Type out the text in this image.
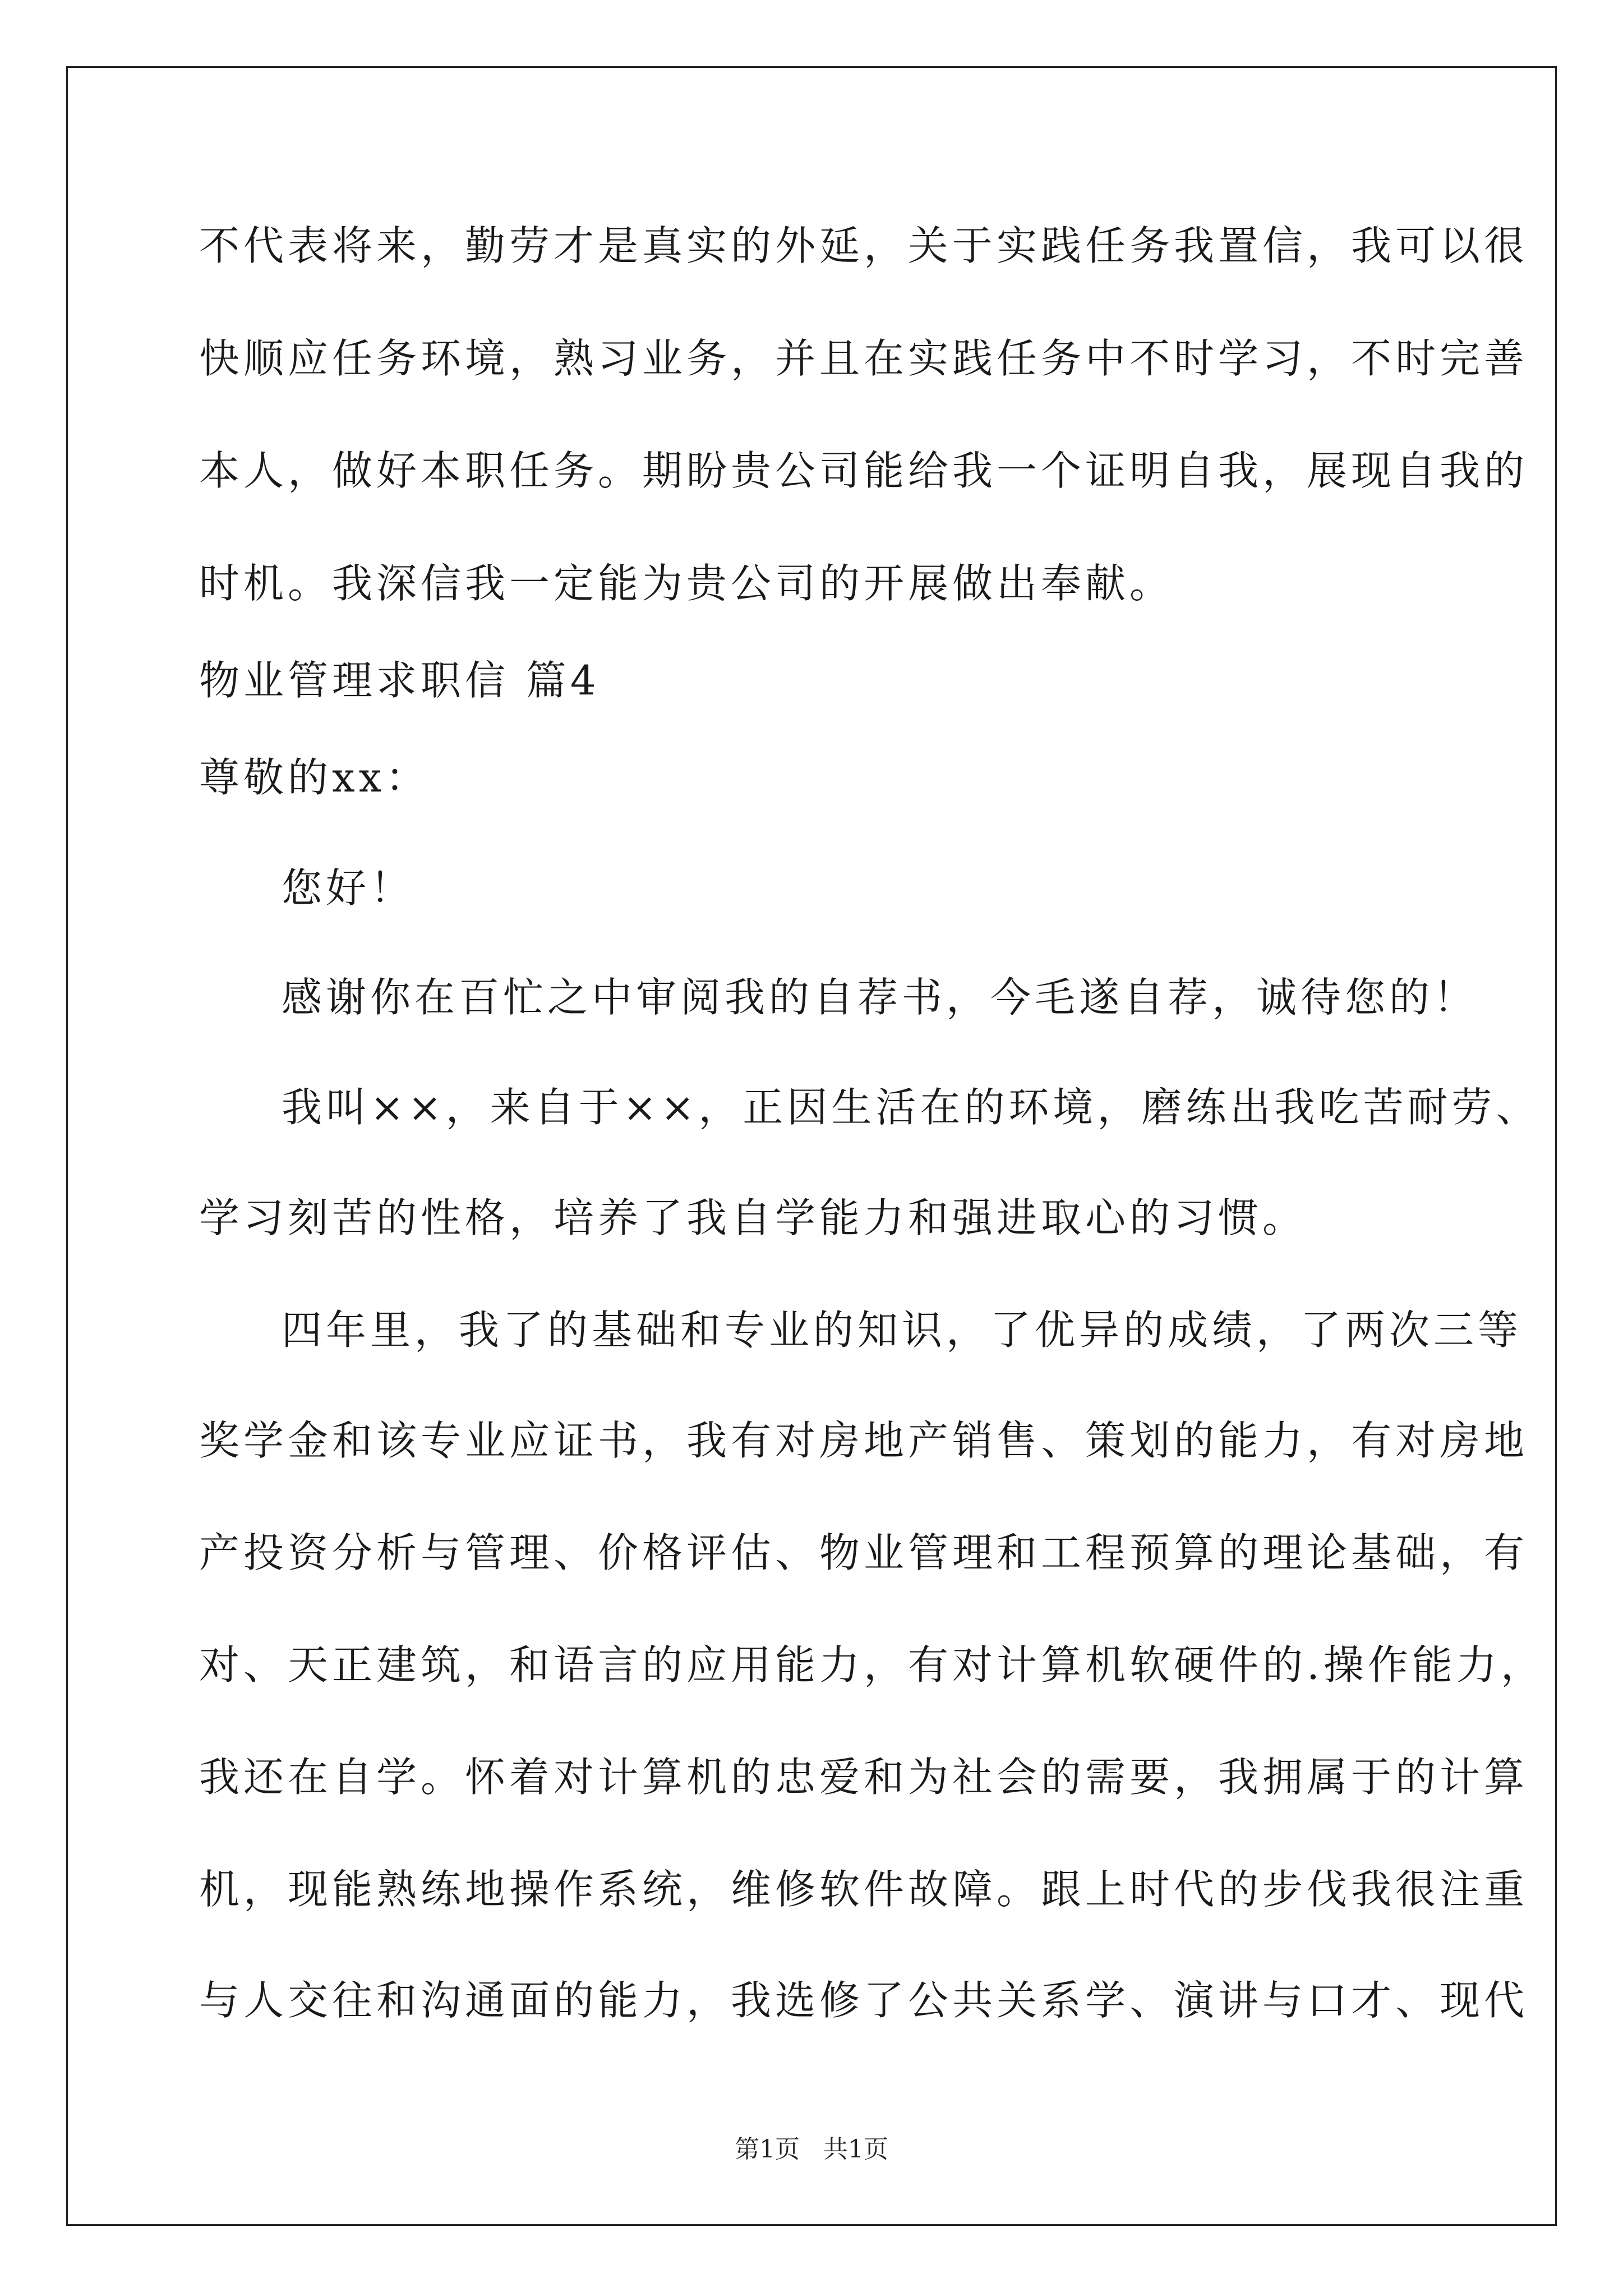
不代表将来，勤劳才是真实的外延，关于实践任务我置信，我可以很
快顺应任务环境，熟习业务，并且在实践任务中不时学习，不时完善
本人，做好本职任务。期盼贵公司能给我一个证明自我，展现自我的
时机。我深信我一定能为贵公司的开展做出奉献。
物业管理求职信 篇4
尊敬的xx：
您好！
感谢你在百忙之中审阅我的自荐书，今毛遂自荐，诚待您的！
我叫××，来自于××，正因生活在的环境，磨练出我吃苦耐劳、
学习刻苦的性格，培养了我自学能力和强进取心的习惯。
四年里，我了的基础和专业的知识，了优异的成绩，了两次三等
奖学金和该专业应证书，我有对房地产销售、策划的能力，有对房地
产投资分析与管理、价格评估、物业管理和工程预算的理论基础，有
对、天正建筑，和语言的应用能力，有对计算机软硬件的.操作能力，
我还在自学。怀着对计算机的忠爱和为社会的需要，我拥属于的计算
机，现能熟练地操作系统，维修软件故障。跟上时代的步伐我很注重
与人交往和沟通面的能力，我选修了公共关系学、演讲与口才、现代
第1页   共1页
